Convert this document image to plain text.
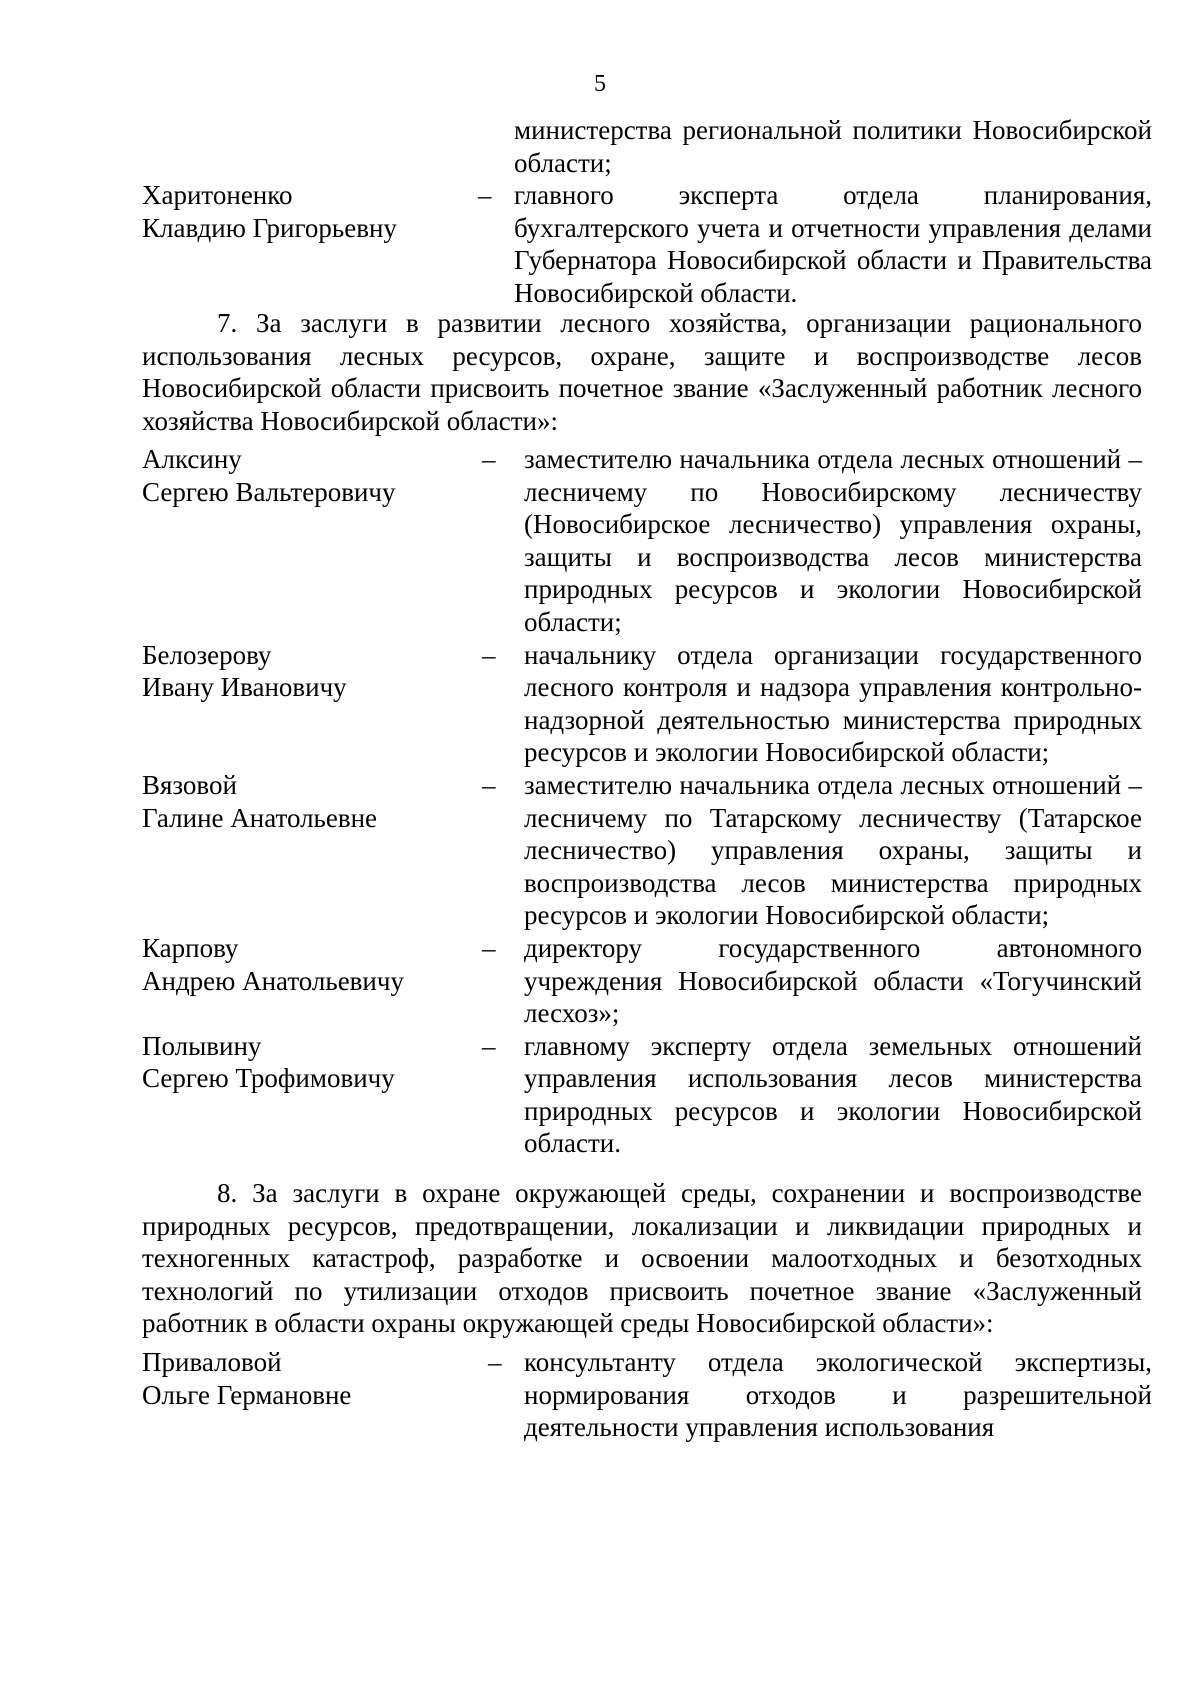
5
министерства региональной политики Новосибирской области;
Харитоненко
Клавдию Григорьевну
– главного эксперта отдела планирования, бухгалтерского учета и отчетности управления делами Губернатора Новосибирской области и Правительства Новосибирской области.
7. За заслуги в развитии лесного хозяйства, организации рационального использования лесных ресурсов, охране, защите и воспроизводстве лесов Новосибирской области присвоить почетное звание «Заслуженный работник лесного хозяйства Новосибирской области»:
Алксину
Сергею Вальтеровичу
– заместителю начальника отдела лесных отношений – лесничему по Новосибирскому лесничеству (Новосибирское лесничество) управления охраны, защиты и воспроизводства лесов министерства природных ресурсов и экологии Новосибирской области;
Белозерову
Ивану Ивановичу
– начальнику отдела организации государственного лесного контроля и надзора управления контрольно-надзорной деятельностью министерства природных ресурсов и экологии Новосибирской области;
Вязовой
Галине Анатольевне
– заместителю начальника отдела лесных отношений – лесничему по Татарскому лесничеству (Татарское лесничество) управления охраны, защиты и воспроизводства лесов министерства природных ресурсов и экологии Новосибирской области;
Карпову
Андрею Анатольевичу
– директору государственного автономного учреждения Новосибирской области «Тогучинский лесхоз»;
Полывину
Сергею Трофимовичу
– главному эксперту отдела земельных отношений управления использования лесов министерства природных ресурсов и экологии Новосибирской области.
8. За заслуги в охране окружающей среды, сохранении и воспроизводстве природных ресурсов, предотвращении, локализации и ликвидации природных и техногенных катастроф, разработке и освоении малоотходных и безотходных технологий по утилизации отходов присвоить почетное звание «Заслуженный работник в области охраны окружающей среды Новосибирской области»:
Приваловой
Ольге Германовне
– консультанту отдела экологической экспертизы, нормирования отходов и разрешительной деятельности управления использования
